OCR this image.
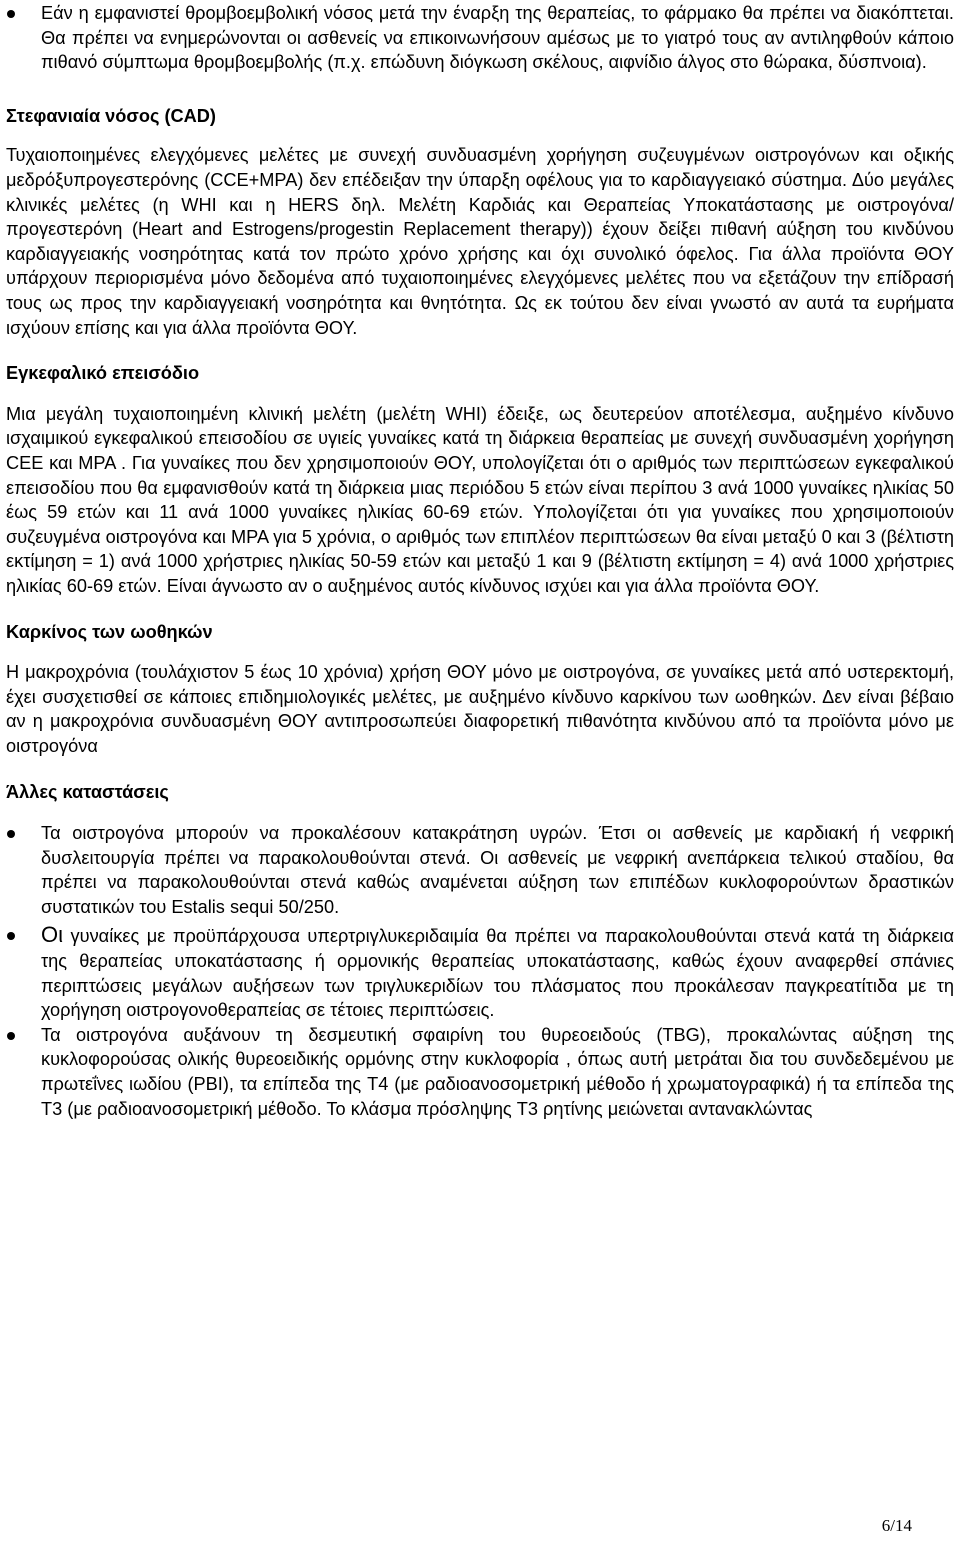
Εάν η εμφανιστεί θρομβοεμβολική νόσος μετά την έναρξη της θεραπείας, το φάρμακο θα πρέπει να διακόπτεται. Θα πρέπει να ενημερώνονται οι ασθενείς να επικοινωνήσουν αμέσως με το γιατρό τους αν αντιληφθούν κάποιο πιθανό σύμπτωμα θρομβοεμβολής (π.χ. επώδυνη διόγκωση σκέλους, αιφνίδιο άλγος στο θώρακα, δύσπνοια).
Στεφανιαία νόσος (CAD)

Τυχαιοποιημένες ελεγχόμενες μελέτες με συνεχή συνδυασμένη χορήγηση συζευγμένων οιστρογόνων και οξικής μεδρόξυπρογεστερόνης (CCE+MPA) δεν επέδειξαν την ύπαρξη οφέλους για το καρδιαγγειακό σύστημα. Δύο μεγάλες κλινικές μελέτες (η WHI και η HERS δηλ. Μελέτη Καρδιάς και Θεραπείας Υποκατάστασης με οιστρογόνα/προγεστερόνη (Heart and Estrogens/progestin Replacement therapy)) έχουν δείξει πιθανή αύξηση του κινδύνου καρδιαγγειακής νοσηρότητας κατά τον πρώτο χρόνο χρήσης και όχι συνολικό όφελος. Για άλλα προϊόντα ΘΟΥ υπάρχουν περιορισμένα μόνο δεδομένα από τυχαιοποιημένες ελεγχόμενες μελέτες που να εξετάζουν την επίδρασή τους ως προς την καρδιαγγειακή νοσηρότητα και θνητότητα. Ως εκ τούτου δεν είναι γνωστό αν αυτά τα ευρήματα ισχύουν επίσης και για άλλα προϊόντα ΘΟΥ.

Εγκεφαλικό επεισόδιο

Μια μεγάλη τυχαιοποιημένη κλινική μελέτη (μελέτη WHI) έδειξε, ως δευτερεύον αποτέλεσμα, αυξημένο κίνδυνο ισχαιμικού εγκεφαλικού επεισοδίου σε υγιείς γυναίκες κατά τη διάρκεια θεραπείας με συνεχή συνδυασμένη χορήγηση CEE και MPA . Για γυναίκες που δεν χρησιμοποιούν ΘΟΥ, υπολογίζεται ότι ο αριθμός των περιπτώσεων εγκεφαλικού επεισοδίου που θα εμφανισθούν κατά τη διάρκεια μιας περιόδου 5 ετών είναι περίπου 3 ανά 1000 γυναίκες ηλικίας 50 έως 59 ετών και 11 ανά 1000 γυναίκες ηλικίας 60-69 ετών. Υπολογίζεται ότι για γυναίκες που χρησιμοποιούν συζευγμένα οιστρογόνα και MPA για 5 χρόνια, ο αριθμός των επιπλέον περιπτώσεων θα είναι μεταξύ 0 και 3 (βέλτιστη εκτίμηση = 1) ανά 1000 χρήστριες ηλικίας 50-59 ετών και μεταξύ 1 και 9 (βέλτιστη εκτίμηση = 4) ανά 1000 χρήστριες ηλικίας 60-69 ετών. Είναι άγνωστο αν ο αυξημένος αυτός κίνδυνος ισχύει και για άλλα προϊόντα ΘΟΥ.

Καρκίνος των ωοθηκών

Η μακροχρόνια (τουλάχιστον 5 έως 10 χρόνια) χρήση ΘΟΥ μόνο με οιστρογόνα, σε γυναίκες μετά από υστερεκτομή, έχει συσχετισθεί σε κάποιες επιδημιολογικές μελέτες, με αυξημένο κίνδυνο καρκίνου των ωοθηκών. Δεν είναι βέβαιο αν η μακροχρόνια συνδυασμένη ΘΟΥ αντιπροσωπεύει διαφορετική πιθανότητα κινδύνου από τα προϊόντα μόνο με οιστρογόνα

Άλλες καταστάσεις
Τα οιστρογόνα μπορούν να προκαλέσουν κατακράτηση υγρών. Έτσι οι ασθενείς με καρδιακή ή νεφρική δυσλειτουργία πρέπει να παρακολουθούνται στενά. Οι ασθενείς με νεφρική ανεπάρκεια τελικού σταδίου, θα πρέπει να παρακολουθούνται στενά καθώς αναμένεται αύξηση των επιπέδων κυκλοφορούντων δραστικών συστατικών του Estalis sequi 50/250.
Οι γυναίκες με προϋπάρχουσα υπερτριγλυκεριδαιμία θα πρέπει να παρακολουθούνται στενά κατά τη διάρκεια της θεραπείας υποκατάστασης ή ορμονικής θεραπείας υποκατάστασης, καθώς έχουν αναφερθεί σπάνιες περιπτώσεις μεγάλων αυξήσεων των τριγλυκεριδίων του πλάσματος που προκάλεσαν παγκρεατίτιδα με τη χορήγηση οιστρογονοθεραπείας σε τέτοιες περιπτώσεις.
Τα οιστρογόνα αυξάνουν τη δεσμευτική σφαιρίνη του θυρεοειδούς (TBG), προκαλώντας αύξηση της κυκλοφορούσας ολικής θυρεοειδικής ορμόνης στην κυκλοφορία , όπως αυτή μετράται δια του συνδεδεμένου με πρωτεΐνες ιωδίου (PBI), τα επίπεδα της T4 (με ραδιοανοσομετρική μέθοδο ή χρωματογραφικά) ή τα επίπεδα της T3 (με ραδιοανοσομετρική μέθοδο. Το κλάσμα πρόσληψης T3 ρητίνης μειώνεται αντανακλώντας
6/14
